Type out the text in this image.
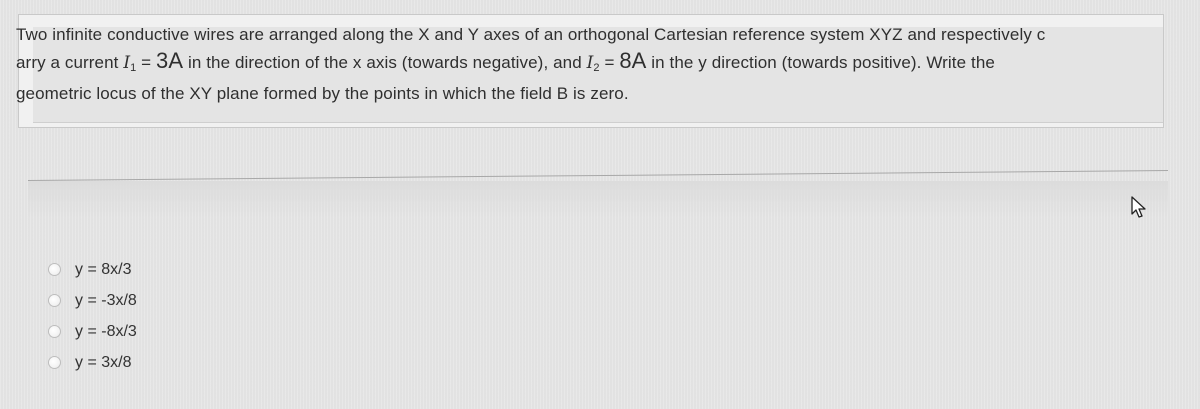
Two infinite conductive wires are arranged along the X and Y axes of an orthogonal Cartesian reference system XYZ and respectively c
arry a current $I_1 = 3A$ in the direction of the x axis (towards negative), and $I_2 = 8A$ in the y direction (towards positive). Write the
geometric locus of the XY plane formed by the points in which the field B is zero.
y = 8x/3
y = -3x/8
y = -8x/3
y = 3x/8
